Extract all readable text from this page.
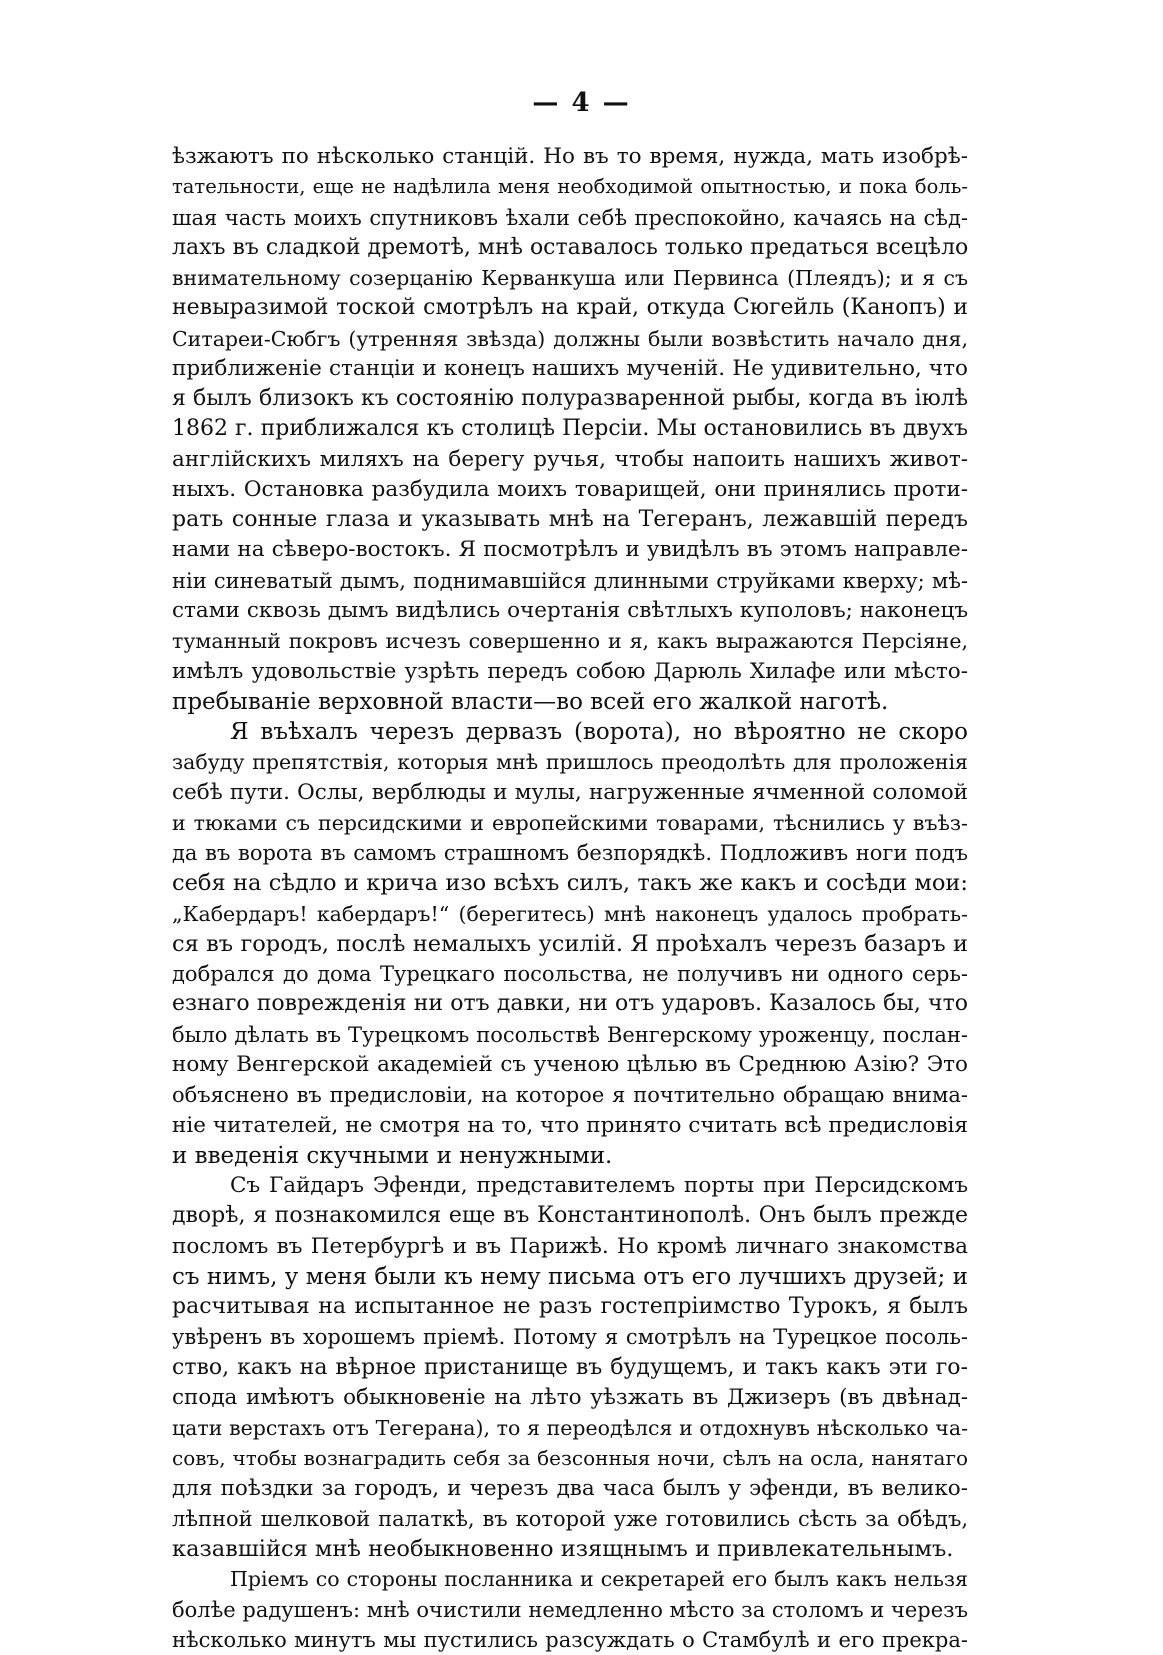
— 4 —
ѣзжаютъ по нѣсколько станцій. Но въ то время, нужда, мать изобрѣ-
тательности, еще не надѣлила меня необходимой опытностью, и пока боль-
шая часть моихъ спутниковъ ѣхали себѣ преспокойно, качаясь на сѣд-
лахъ въ сладкой дремотѣ, мнѣ оставалось только предаться всецѣло
внимательному созерцанію Керванкуша или Первинса (Плеядъ); и я съ
невыразимой тоской смотрѣлъ на край, откуда Сюгейль (Канопъ) и
Ситареи-Сюбгъ (утренняя звѣзда) должны были возвѣстить начало дня,
приближеніе станціи и конецъ нашихъ мученій. Не удивительно, что
я былъ близокъ къ состоянію полуразваренной рыбы, когда въ іюлѣ
1862 г. приближался къ столицѣ Персіи. Мы остановились въ двухъ
англійскихъ миляхъ на берегу ручья, чтобы напоить нашихъ живот-
ныхъ. Остановка разбудила моихъ товарищей, они принялись проти-
рать сонные глаза и указывать мнѣ на Тегеранъ, лежавшій передъ
нами на сѣверо-востокъ. Я посмотрѣлъ и увидѣлъ въ этомъ направле-
ніи синеватый дымъ, поднимавшійся длинными струйками кверху; мѣ-
стами сквозь дымъ видѣлись очертанія свѣтлыхъ куполовъ; наконецъ
туманный покровъ исчезъ совершенно и я, какъ выражаются Персіяне,
имѣлъ удовольствіе узрѣть передъ собою Дарюль Хилафе или мѣсто-
пребываніе верховной власти—во всей его жалкой наготѣ.
Я въѣхалъ черезъ дервазъ (ворота), но вѣроятно не скоро
забуду препятствія, которыя мнѣ пришлось преодолѣть для проложенія
себѣ пути. Ослы, верблюды и мулы, нагруженные ячменной соломой
и тюками съ персидскими и европейскими товарами, тѣснились у въѣз-
да въ ворота въ самомъ страшномъ безпорядкѣ. Подложивъ ноги подъ
себя на сѣдло и крича изо всѣхъ силъ, такъ же какъ и сосѣди мои:
„Кабердаръ! кабердаръ!“ (берегитесь) мнѣ наконецъ удалось пробрать-
ся въ городъ, послѣ немалыхъ усилій. Я проѣхалъ черезъ базаръ и
добрался до дома Турецкаго посольства, не получивъ ни одного серь-
езнаго поврежденія ни отъ давки, ни отъ ударовъ. Казалось бы, что
было дѣлать въ Турецкомъ посольствѣ Венгерскому уроженцу, послан-
ному Венгерской академіей съ ученою цѣлью въ Среднюю Азію? Это
объяснено въ предисловіи, на которое я почтительно обращаю внима-
ніе читателей, не смотря на то, что принято считать всѣ предисловія
и введенія скучными и ненужными.
Съ Гайдаръ Эфенди, представителемъ порты при Персидскомъ
дворѣ, я познакомился еще въ Константинополѣ. Онъ былъ прежде
посломъ въ Петербургѣ и въ Парижѣ. Но кромѣ личнаго знакомства
съ нимъ, у меня были къ нему письма отъ его лучшихъ друзей; и
расчитывая на испытанное не разъ гостепріимство Турокъ, я былъ
увѣренъ въ хорошемъ пріемѣ. Потому я смотрѣлъ на Турецкое посоль-
ство, какъ на вѣрное пристанище въ будущемъ, и такъ какъ эти го-
спода имѣютъ обыкновеніе на лѣто уѣзжать въ Джизеръ (въ двѣнад-
цати верстахъ отъ Тегерана), то я переодѣлся и отдохнувъ нѣсколько ча-
совъ, чтобы вознаградить себя за безсонныя ночи, сѣлъ на осла, нанятаго
для поѣздки за городъ, и черезъ два часа былъ у эфенди, въ велико-
лѣпной шелковой палаткѣ, въ которой уже готовились сѣсть за обѣдъ,
казавшійся мнѣ необыкновенно изящнымъ и привлекательнымъ.
Пріемъ со стороны посланника и секретарей его былъ какъ нельзя
болѣе радушенъ: мнѣ очистили немедленно мѣсто за столомъ и черезъ
нѣсколько минутъ мы пустились разсуждать о Стамбулѣ и его прекра-
